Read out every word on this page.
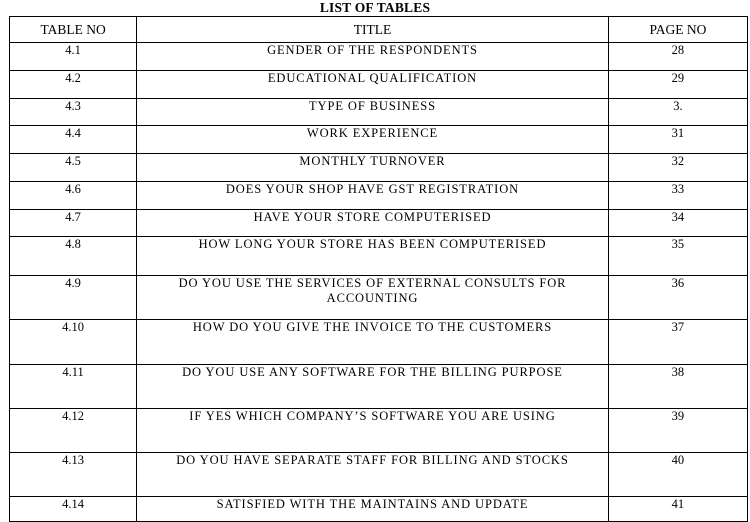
LIST OF TABLES
TABLE NO	TITLE	PAGE NO
4.1	GENDER OF THE RESPONDENTS	28
4.2	EDUCATIONAL QUALIFICATION	29
4.3	TYPE OF BUSINESS	3.
4.4	WORK EXPERIENCE	31
4.5	MONTHLY TURNOVER	32
4.6	DOES YOUR SHOP HAVE GST REGISTRATION	33
4.7	HAVE YOUR STORE COMPUTERISED	34
4.8	HOW LONG YOUR STORE HAS BEEN COMPUTERISED	35
4.9	DO YOU USE THE SERVICES OF EXTERNAL CONSULTS FOR ACCOUNTING	36
4.10	HOW DO YOU GIVE THE INVOICE TO THE CUSTOMERS	37
4.11	DO YOU USE ANY SOFTWARE FOR THE BILLING PURPOSE	38
4.12	IF YES WHICH COMPANY’S SOFTWARE YOU ARE USING	39
4.13	DO YOU HAVE SEPARATE STAFF FOR BILLING AND STOCKS	40
4.14	SATISFIED WITH THE MAINTAINS AND UPDATE	41
